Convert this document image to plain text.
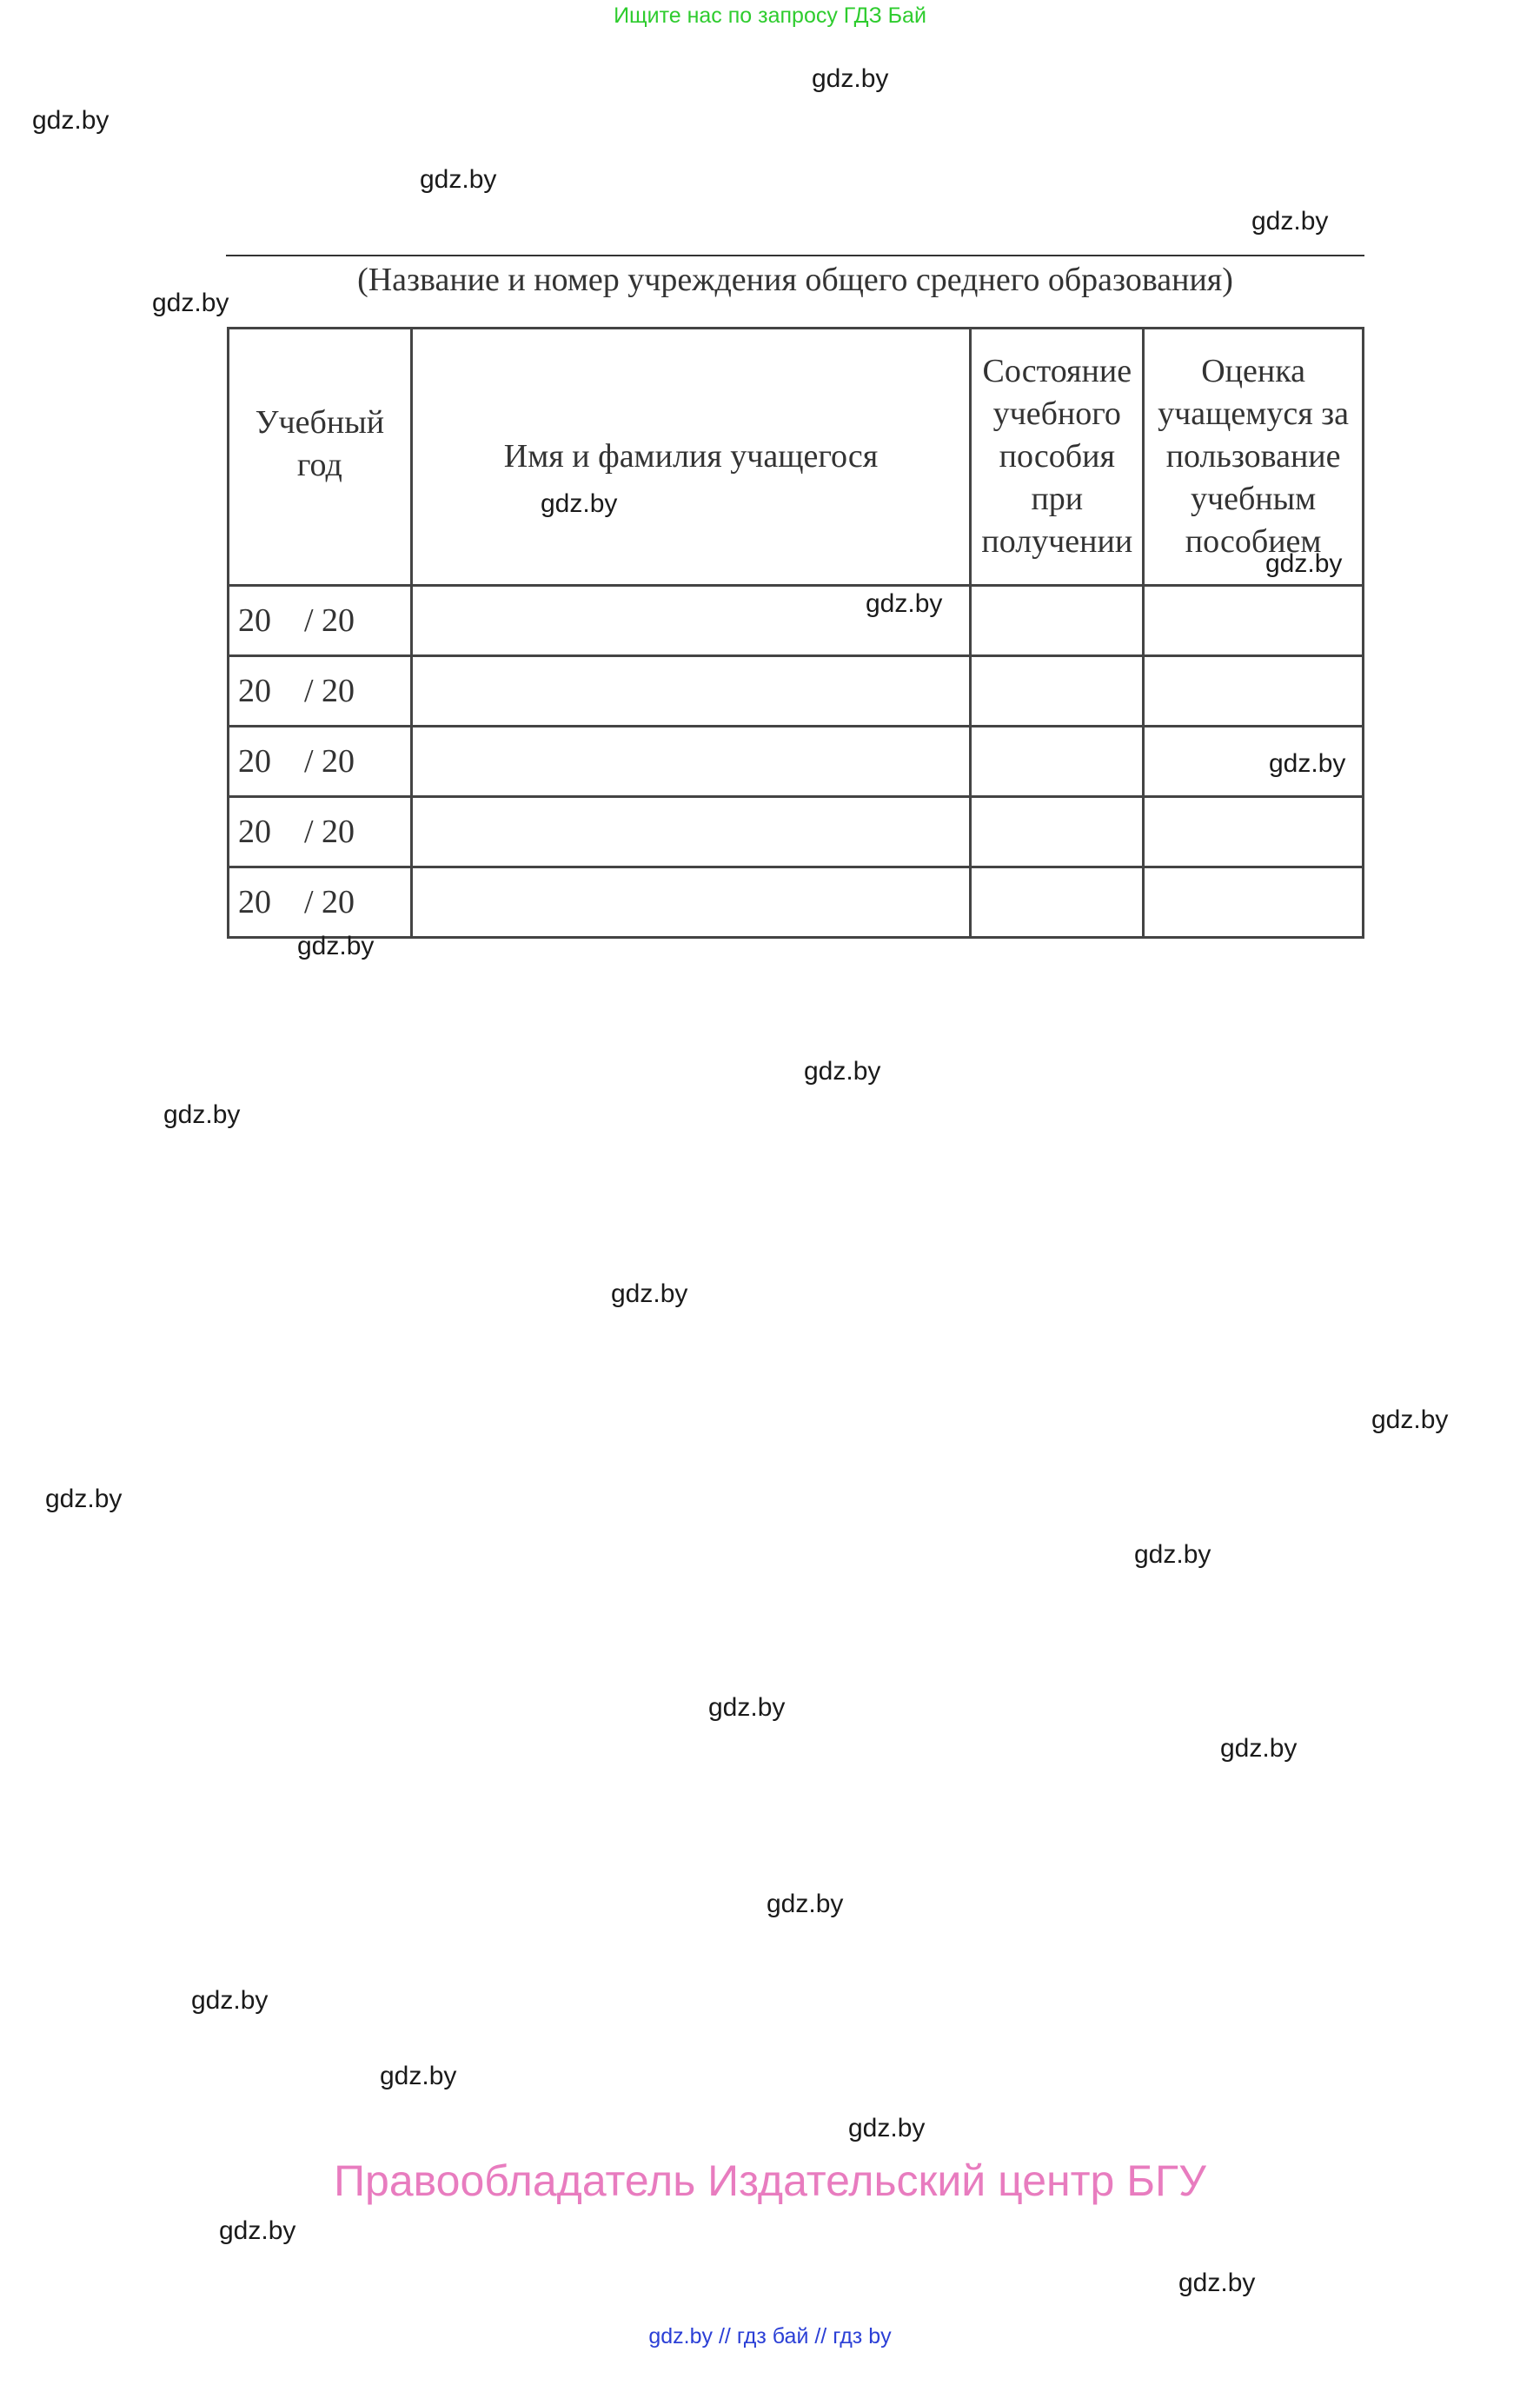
Ищите нас по запросу ГДЗ Бай
gdz.by
gdz.by
gdz.by
gdz.by
gdz.by
(Название и номер учреждения общего среднего образования)
Учебный год	Имя и фамилия учащегося	Состояние учебного пособия при получении	Оценка учащемуся за пользование учебным пособием
20    / 20			
20    / 20			
20    / 20			
20    / 20			
20    / 20			
gdz.by
gdz.by
gdz.by
gdz.by
gdz.by
gdz.by
gdz.by
gdz.by
gdz.by
gdz.by
gdz.by
gdz.by
gdz.by
gdz.by
gdz.by
gdz.by
gdz.by
gdz.by
gdz.by
Правообладатель Издательский центр БГУ
gdz.by // гдз бай // гдз by
